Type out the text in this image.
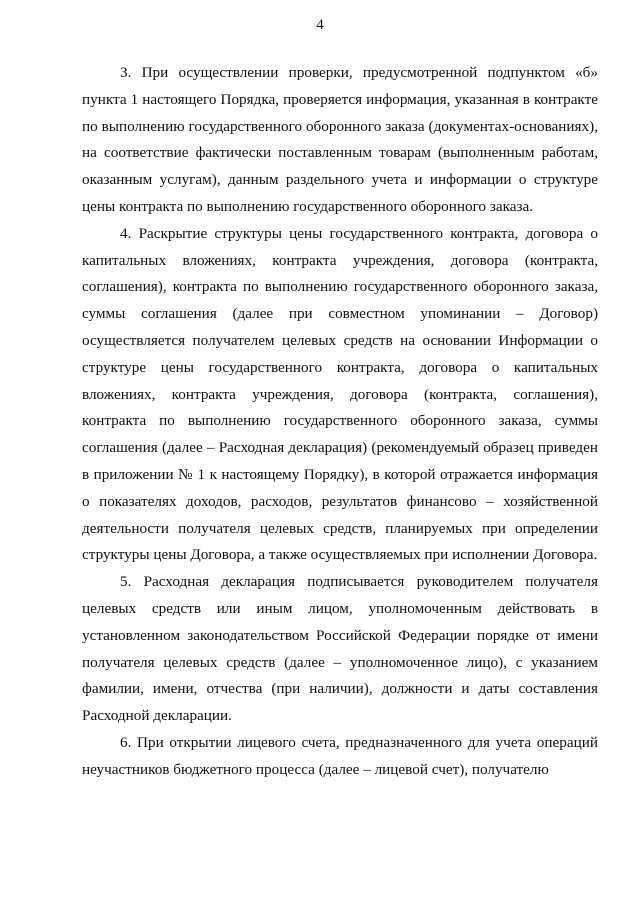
4

3. При осуществлении проверки, предусмотренной подпунктом «б» пункта 1 настоящего Порядка, проверяется информация, указанная в контракте по выполнению государственного оборонного заказа (документах-основаниях), на соответствие фактически поставленным товарам (выполненным работам, оказанным услугам), данным раздельного учета и информации о структуре цены контракта по выполнению государственного оборонного заказа.

4. Раскрытие структуры цены государственного контракта, договора о капитальных вложениях, контракта учреждения, договора (контракта, соглашения), контракта по выполнению государственного оборонного заказа, суммы соглашения (далее при совместном упоминании – Договор) осуществляется получателем целевых средств на основании Информации о структуре цены государственного контракта, договора о капитальных вложениях, контракта учреждения, договора (контракта, соглашения), контракта по выполнению государственного оборонного заказа, суммы соглашения (далее – Расходная декларация) (рекомендуемый образец приведен в приложении № 1 к настоящему Порядку), в которой отражается информация о показателях доходов, расходов, результатов финансово – хозяйственной деятельности получателя целевых средств, планируемых при определении структуры цены Договора, а также осуществляемых при исполнении Договора.

5. Расходная декларация подписывается руководителем получателя целевых средств или иным лицом, уполномоченным действовать в установленном законодательством Российской Федерации порядке от имени получателя целевых средств (далее – уполномоченное лицо), с указанием фамилии, имени, отчества (при наличии), должности и даты составления Расходной декларации.

6. При открытии лицевого счета, предназначенного для учета операций неучастников бюджетного процесса (далее – лицевой счет), получателю
